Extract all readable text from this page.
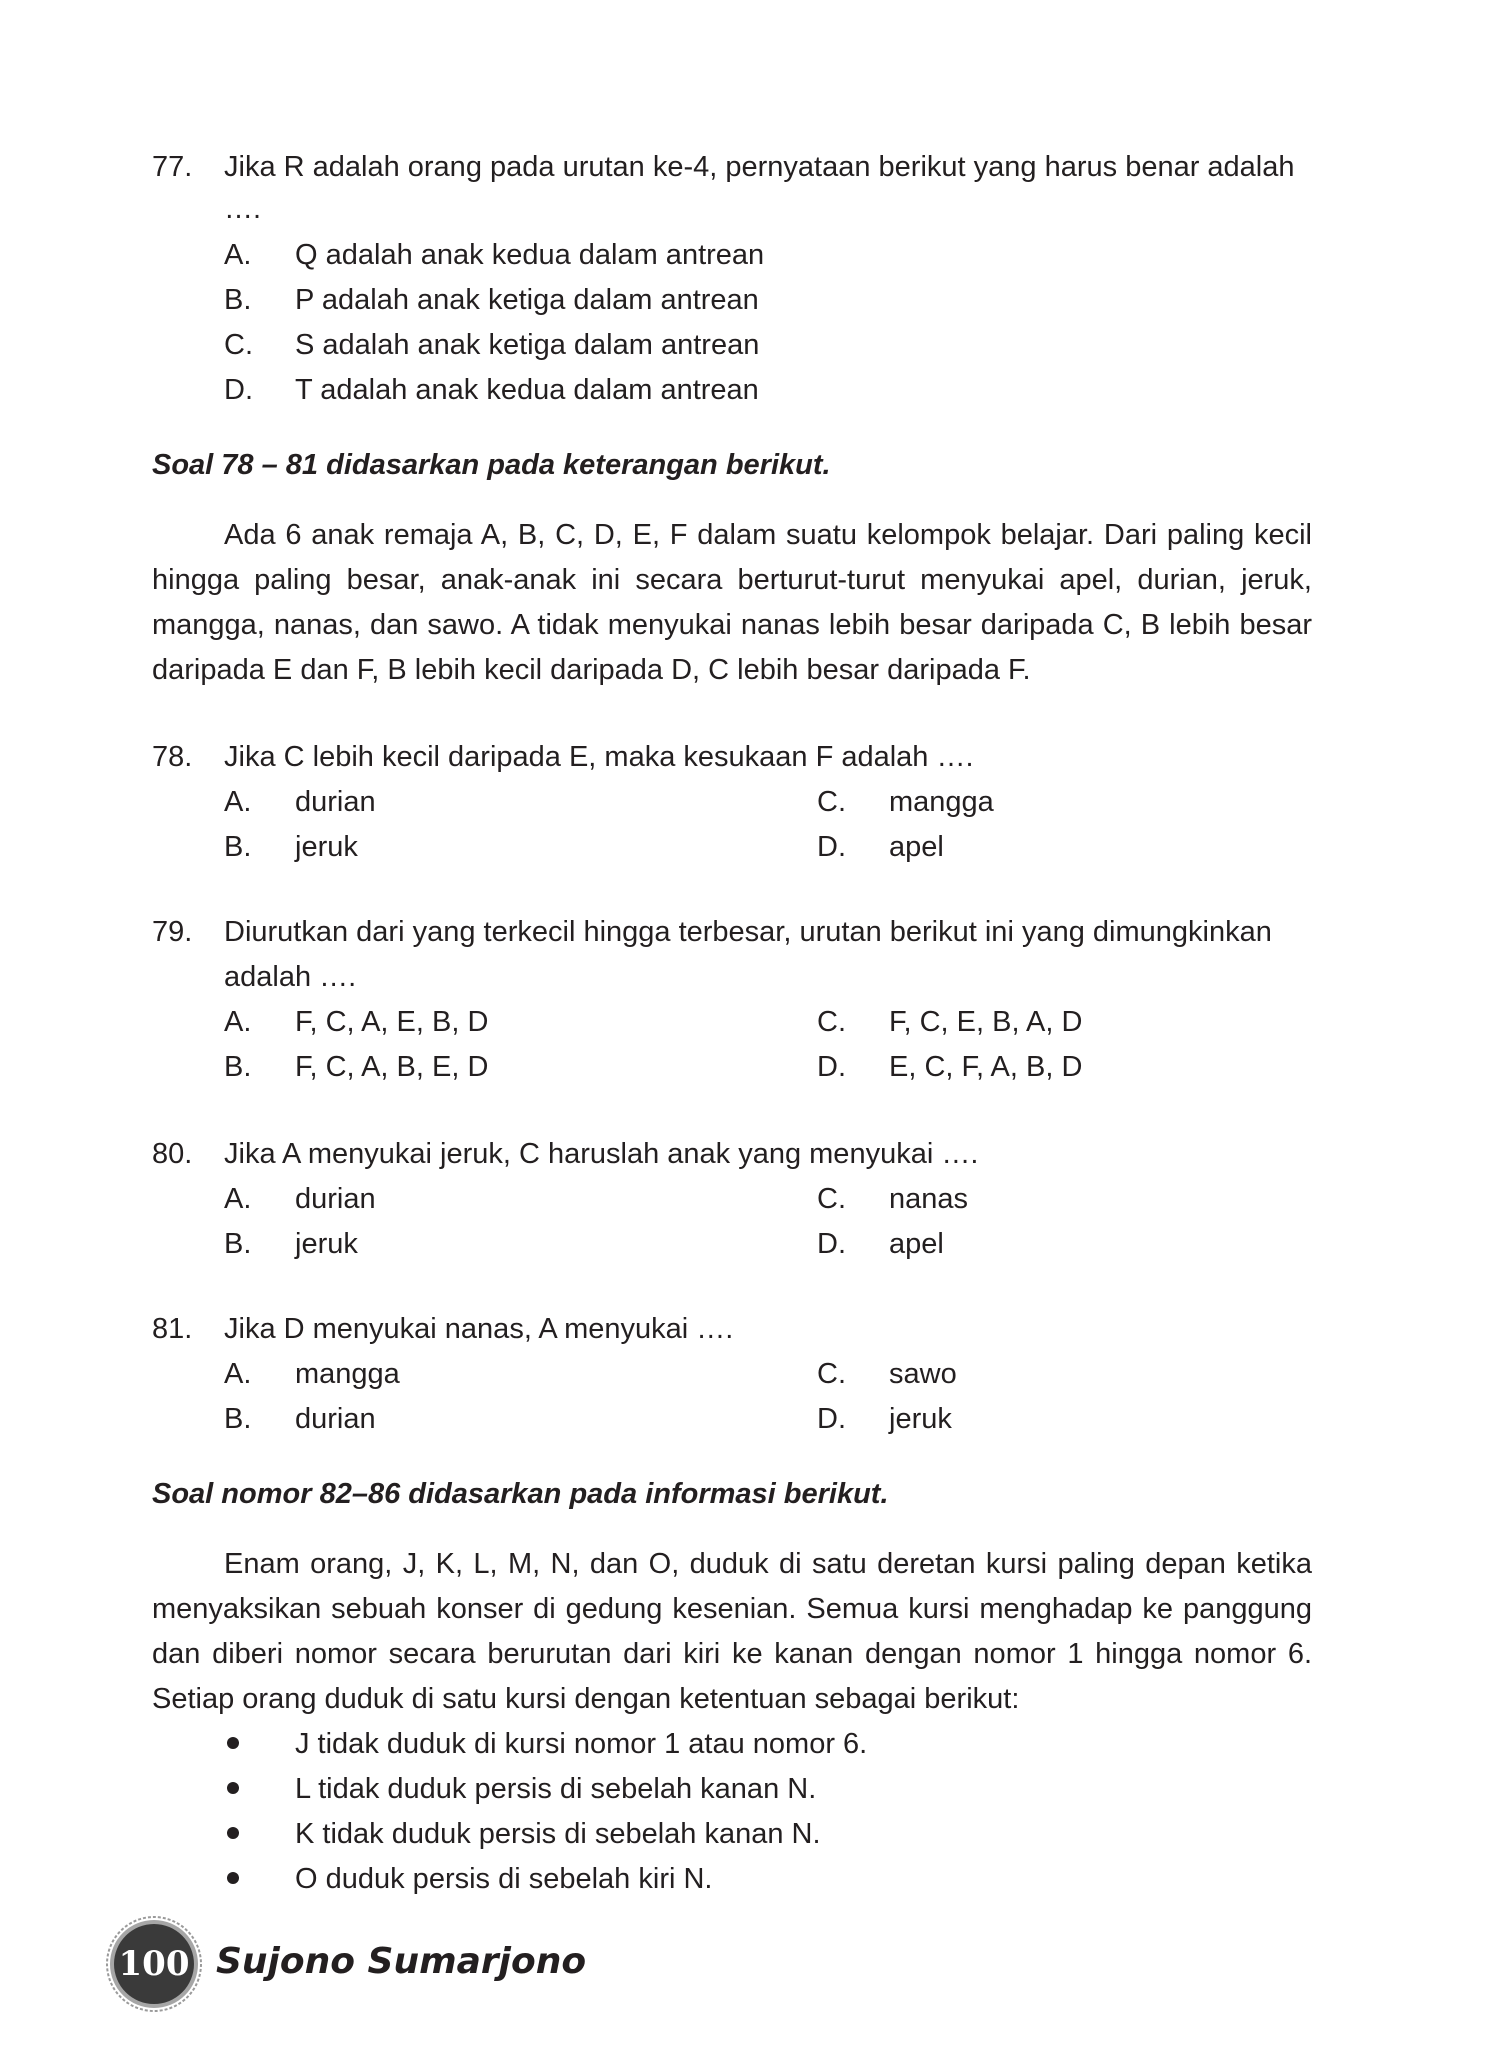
77. Jika R adalah orang pada urutan ke-4, pernyataan berikut yang harus benar adalah
….
A. Q adalah anak kedua dalam antrean
B. P adalah anak ketiga dalam antrean
C. S adalah anak ketiga dalam antrean
D. T adalah anak kedua dalam antrean
Soal 78 – 81 didasarkan pada keterangan berikut.
Ada 6 anak remaja A, B, C, D, E, F dalam suatu kelompok belajar. Dari paling kecil
hingga paling besar, anak-anak ini secara berturut-turut menyukai apel, durian, jeruk,
mangga, nanas, dan sawo. A tidak menyukai nanas lebih besar daripada C, B lebih besar
daripada E dan F, B lebih kecil daripada D, C lebih besar daripada F.
78. Jika C lebih kecil daripada E, maka kesukaan F adalah ….
A. durian
B. jeruk
C. mangga
D. apel
79. Diurutkan dari yang terkecil hingga terbesar, urutan berikut ini yang dimungkinkan
adalah ….
A. F, C, A, E, B, D
B. F, C, A, B, E, D
C. F, C, E, B, A, D
D. E, C, F, A, B, D
80. Jika A menyukai jeruk, C haruslah anak yang menyukai ….
A. durian
B. jeruk
C. nanas
D. apel
81. Jika D menyukai nanas, A menyukai ….
A. mangga
B. durian
C. sawo
D. jeruk
Soal nomor 82–86 didasarkan pada informasi berikut.
Enam orang, J, K, L, M, N, dan O, duduk di satu deretan kursi paling depan ketika
menyaksikan sebuah konser di gedung kesenian. Semua kursi menghadap ke panggung
dan diberi nomor secara berurutan dari kiri ke kanan dengan nomor 1 hingga nomor 6.
Setiap orang duduk di satu kursi dengan ketentuan sebagai berikut:
J tidak duduk di kursi nomor 1 atau nomor 6.
L tidak duduk persis di sebelah kanan N.
K tidak duduk persis di sebelah kanan N.
O duduk persis di sebelah kiri N.
100 Sujono Sumarjono
